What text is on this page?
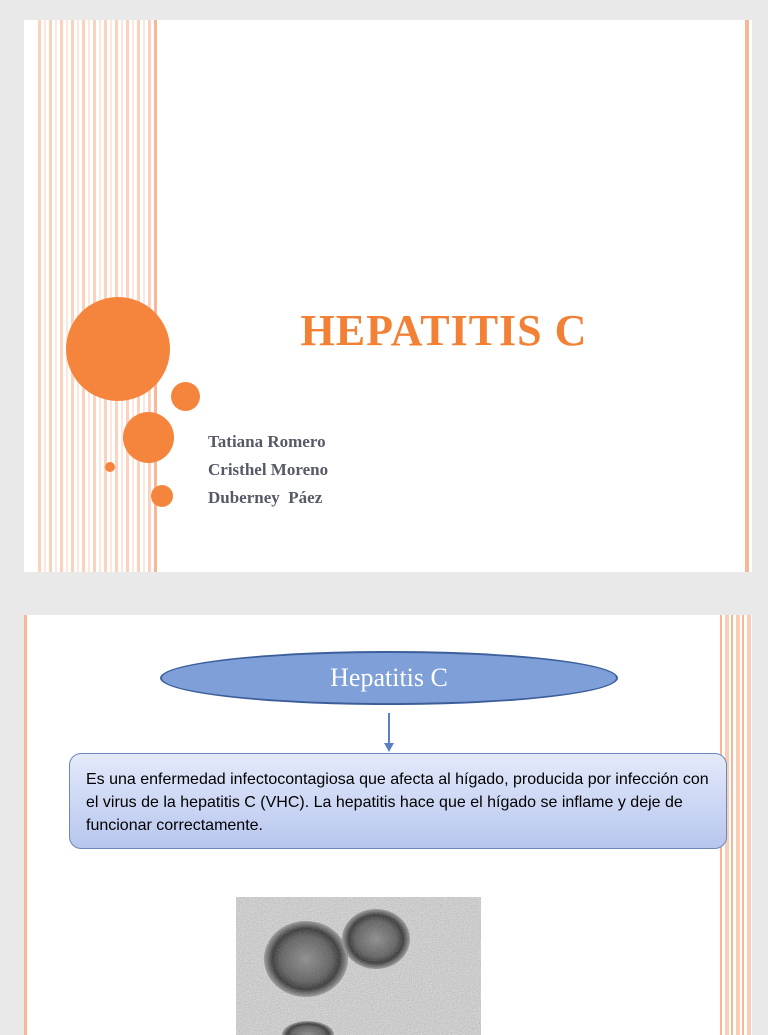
HEPATITIS C
Tatiana Romero
Cristhel Moreno
Duberney  Páez
Hepatitis C
Es una enfermedad infectocontagiosa que afecta al hígado, producida por infección con el virus de la hepatitis C (VHC). La hepatitis hace que el hígado se inflame y deje de funcionar correctamente.
